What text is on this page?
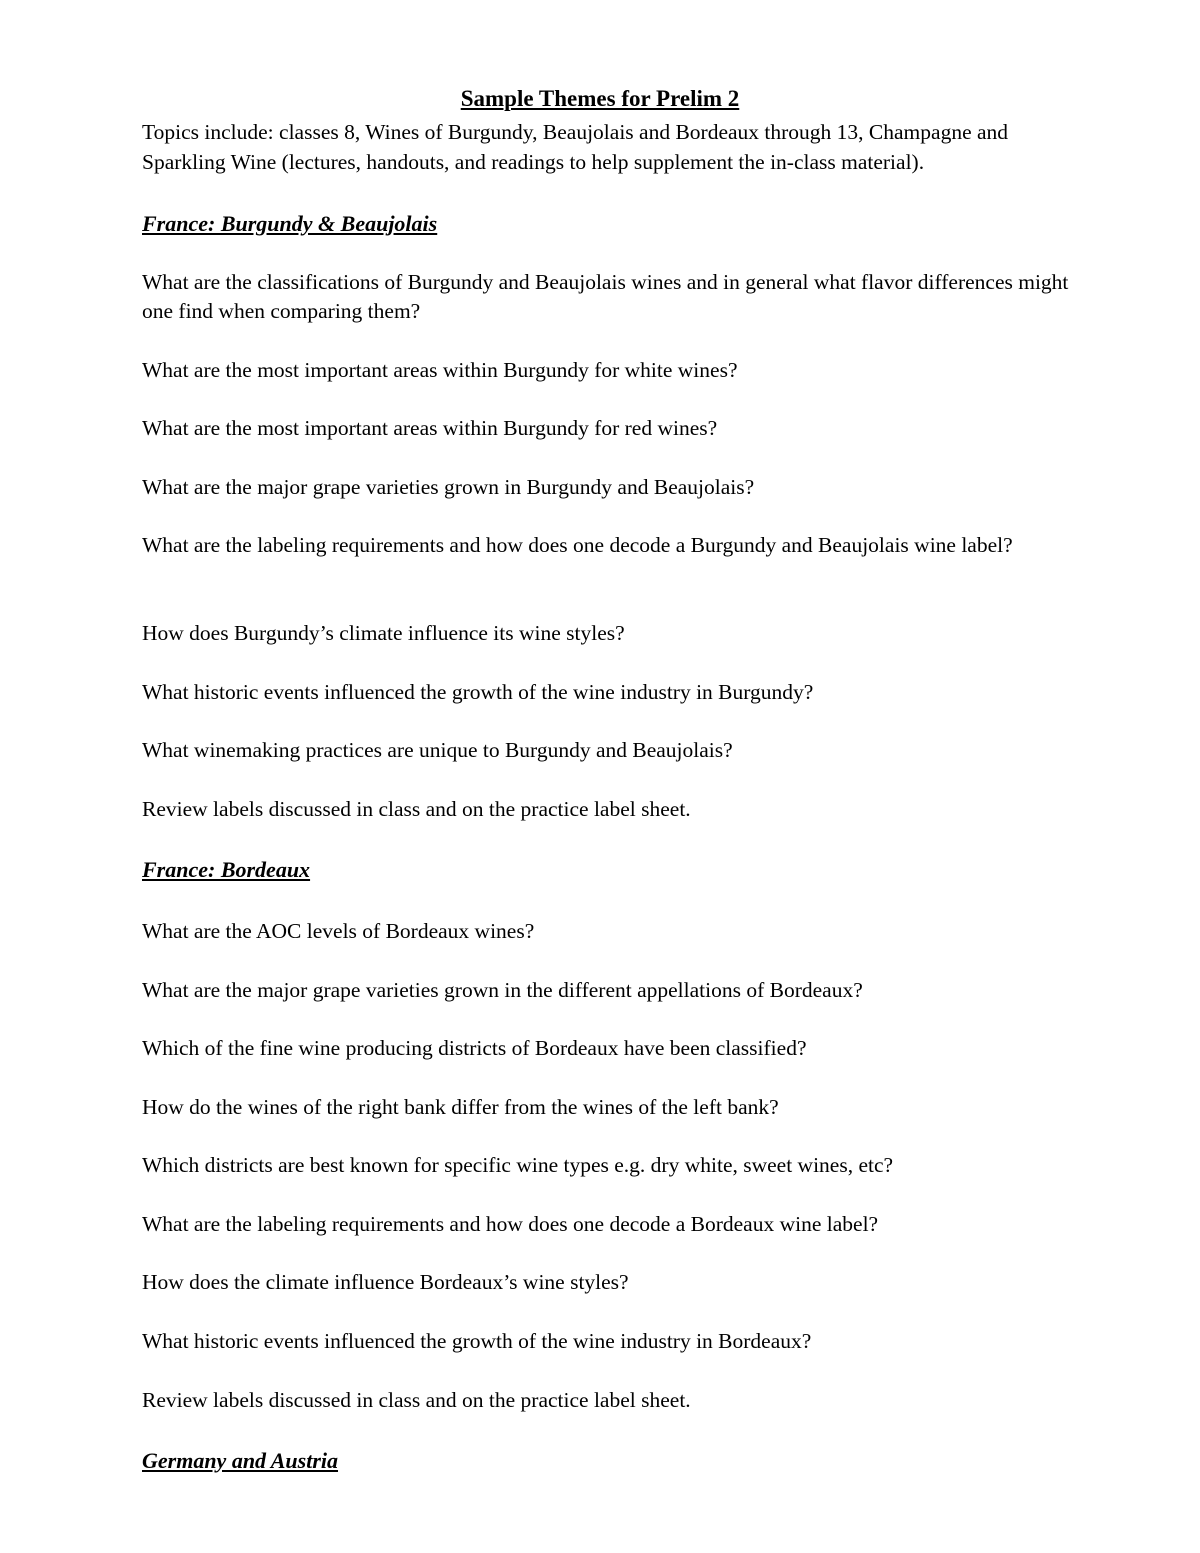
Sample Themes for Prelim 2

Topics include: classes 8, Wines of Burgundy, Beaujolais and Bordeaux through 13, Champagne and Sparkling Wine (lectures, handouts, and readings to help supplement the in-class material).

France: Burgundy & Beaujolais

What are the classifications of Burgundy and Beaujolais wines and in general what flavor differences might one find when comparing them?

What are the most important areas within Burgundy for white wines?

What are the most important areas within Burgundy for red wines?

What are the major grape varieties grown in Burgundy and Beaujolais?

What are the labeling requirements and how does one decode a Burgundy and Beaujolais wine label?

How does Burgundy’s climate influence its wine styles?

What historic events influenced the growth of the wine industry in Burgundy?

What winemaking practices are unique to Burgundy and Beaujolais?

Review labels discussed in class and on the practice label sheet.

France: Bordeaux

What are the AOC levels of Bordeaux wines?

What are the major grape varieties grown in the different appellations of Bordeaux?

Which of the fine wine producing districts of Bordeaux have been classified?

How do the wines of the right bank differ from the wines of the left bank?

Which districts are best known for specific wine types e.g. dry white, sweet wines, etc?

What are the labeling requirements and how does one decode a Bordeaux wine label?

How does the climate influence Bordeaux’s wine styles?

What historic events influenced the growth of the wine industry in Bordeaux?

Review labels discussed in class and on the practice label sheet.

Germany and Austria
